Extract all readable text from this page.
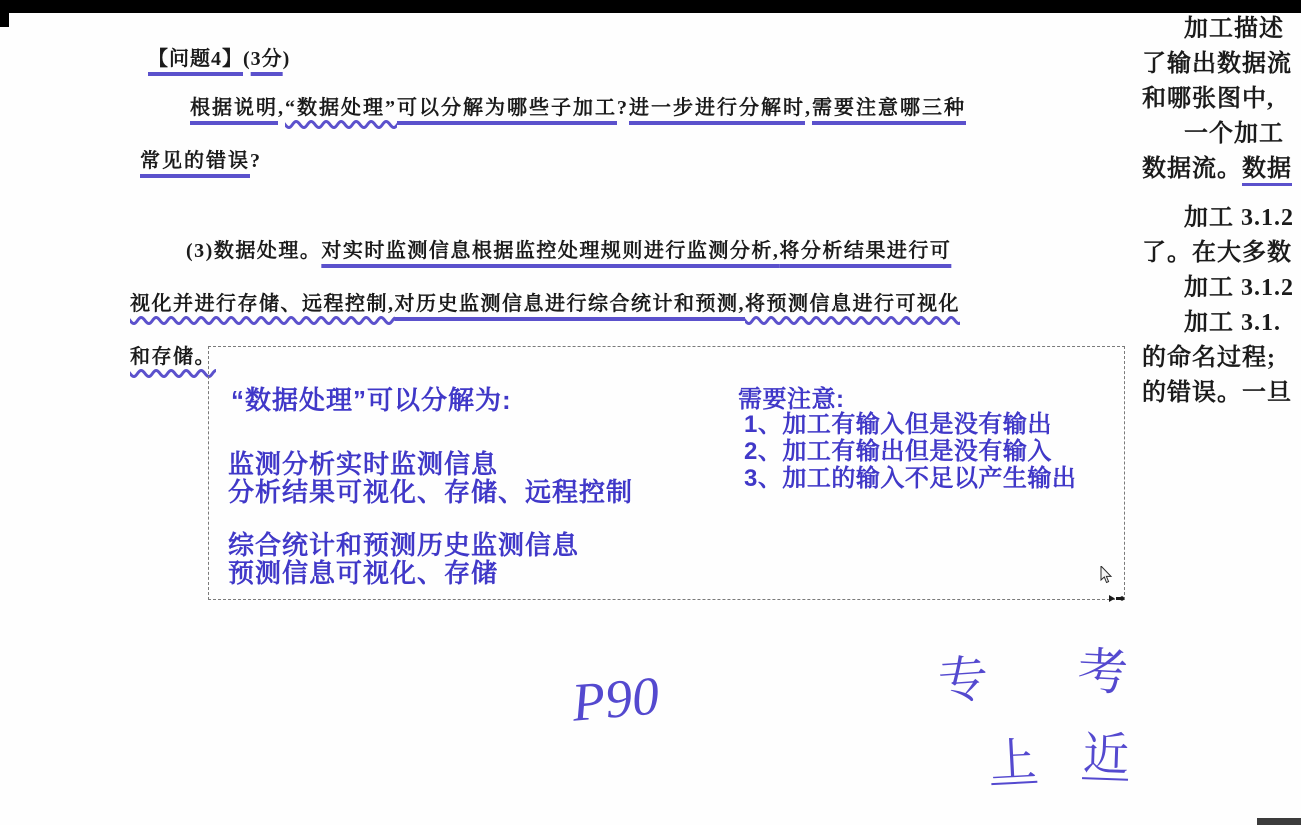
【问题4】(3分)
根据说明,“数据处理”可以分解为哪些子加工?进一步进行分解时,需要注意哪三种
常见的错误?
(3)数据处理。对实时监测信息根据监控处理规则进行监测分析,将分析结果进行可
视化并进行存储、远程控制,对历史监测信息进行综合统计和预测,将预测信息进行可视化
和存储。
“数据处理”可以分解为:
监测分析实时监测信息
分析结果可视化、存储、远程控制
综合统计和预测历史监测信息
预测信息可视化、存储
需要注意:
1、加工有输入但是没有输出
2、加工有输出但是没有输入
3、加工的输入不足以产生输出
加工描述
了输出数据流
和哪张图中,
一个加工
数据流。数据
加工 3.1.2
了。在大多数
加工 3.1.2
加工 3.1.
的命名过程;
的错误。一旦
P90	专 考
上 近
